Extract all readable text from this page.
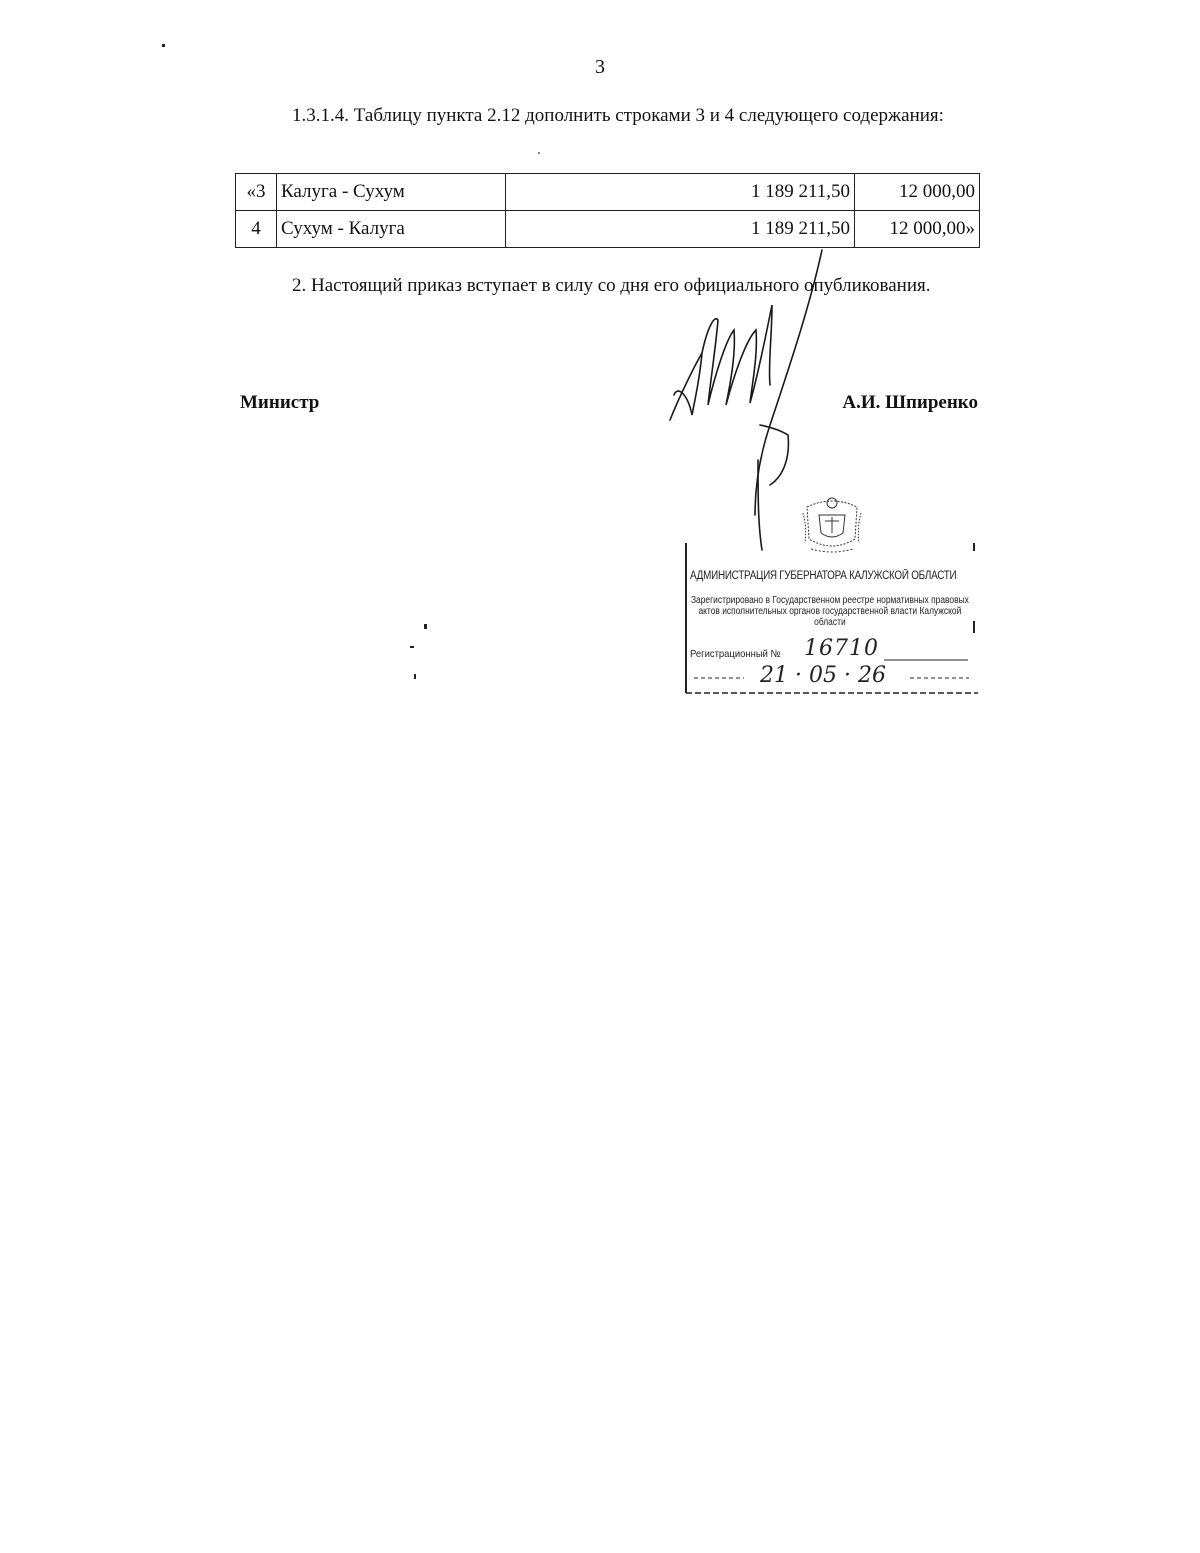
3

1.3.1.4. Таблицу пункта 2.12 дополнить строками 3 и 4 следующего содержания:

«3	Калуга - Сухум	1 189 211,50	12 000,00
4	Сухум - Калуга	1 189 211,50	12 000,00»

2. Настоящий приказ вступает в силу со дня его официального опубликования.

Министр	А.И. Шпиренко
АДМИНИСТРАЦИЯ ГУБЕРНАТОРА КАЛУЖСКОЙ ОБЛАСТИ
Зарегистрировано в Государственном реестре нормативных правовых актов исполнительных органов государственной власти Калужской области
Регистрационный № 16710
21 · 05 · 26
